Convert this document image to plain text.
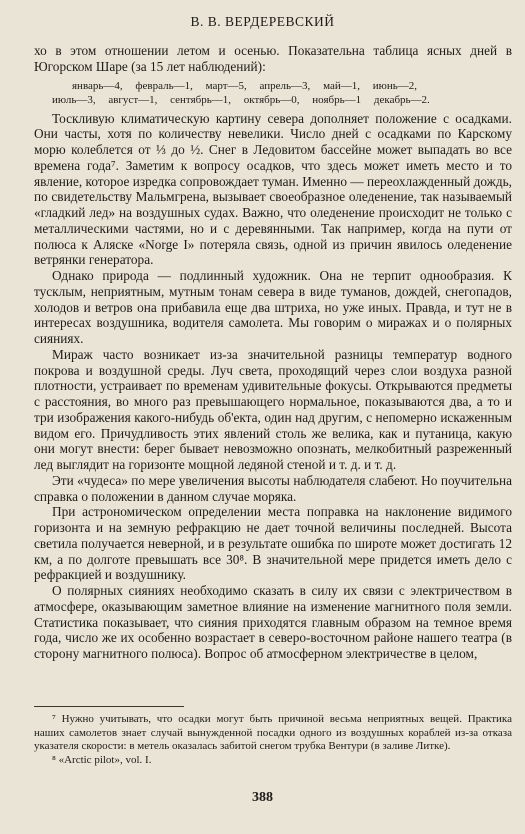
В. В. ВЕРДЕРЕВСКИЙ

хо в этом отношении летом и осенью. Показательна таблица ясных дней в Югорском Шаре (за 15 лет наблюдений):

январь—4, февраль—1, март—5, апрель—3, май—1, июнь—2,
июль—3, август—1, сентябрь—1, октябрь—0, ноябрь—1 декабрь—2.

Тоскливую климатическую картину севера дополняет положение с осадками. Они часты, хотя по количеству невелики. Число дней с осадками по Карскому морю колеблется от ⅓ до ½. Снег в Ледовитом бассейне может выпадать во все времена года⁷. Заметим к вопросу осадков, что здесь может иметь место и то явление, которое изредка сопровождает туман. Именно — переохлажденный дождь, по свидетельству Мальмгрена, вызывает своеобразное оледенение, так называемый «гладкий лед» на воздушных судах. Важно, что оледенение происходит не только с металлическими частями, но и с деревянными. Так например, когда на пути от полюса к Аляске «Norge I» потеряла связь, одной из причин явилось оледенение ветрянки генератора.

Однако природа — подлинный художник. Она не терпит однообразия. К тусклым, неприятным, мутным тонам севера в виде туманов, дождей, снегопадов, холодов и ветров она прибавила еще два штриха, но уже иных. Правда, и тут не в интересах воздушника, водителя самолета. Мы говорим о миражах и о полярных сияниях.

Мираж часто возникает из-за значительной разницы температур водного покрова и воздушной среды. Луч света, проходящий через слои воздуха разной плотности, устраивает по временам удивительные фокусы. Открываются предметы с расстояния, во много раз превышающего нормальное, показываются два, а то и три изображения какого-нибудь об'екта, один над другим, с непомерно искаженным видом его. Причудливость этих явлений столь же велика, как и путаница, какую они могут внести: берег бывает невозможно опознать, мелкобитный разреженный лед выглядит на горизонте мощной ледяной стеной и т. д. и т. д.

Эти «чудеса» по мере увеличения высоты наблюдателя слабеют. Но поучительна справка о положении в данном случае моряка.

При астрономическом определении места поправка на наклонение видимого горизонта и на земную рефракцию не дает точной величины последней. Высота светила получается неверной, и в результате ошибка по широте может достигать 12 км, а по долготе превышать все 30⁸. В значительной мере придется иметь дело с рефракцией и воздушнику.

О полярных сияниях необходимо сказать в силу их связи с электричеством в атмосфере, оказывающим заметное влияние на изменение магнитного поля земли. Статистика показывает, что сияния приходятся главным образом на темное время года, число же их особенно возрастает в северо-восточном районе нашего театра (в сторону магнитного полюса). Вопрос об атмосферном электричестве в целом,

⁷ Нужно учитывать, что осадки могут быть причиной весьма неприятных вещей. Практика наших самолетов знает случай вынужденной посадки одного из воздушных кораблей из-за отказа указателя скорости: в метель оказалась забитой снегом трубка Вентури (в заливе Литке).

⁸ «Arctic pilot», vol. I.

388
